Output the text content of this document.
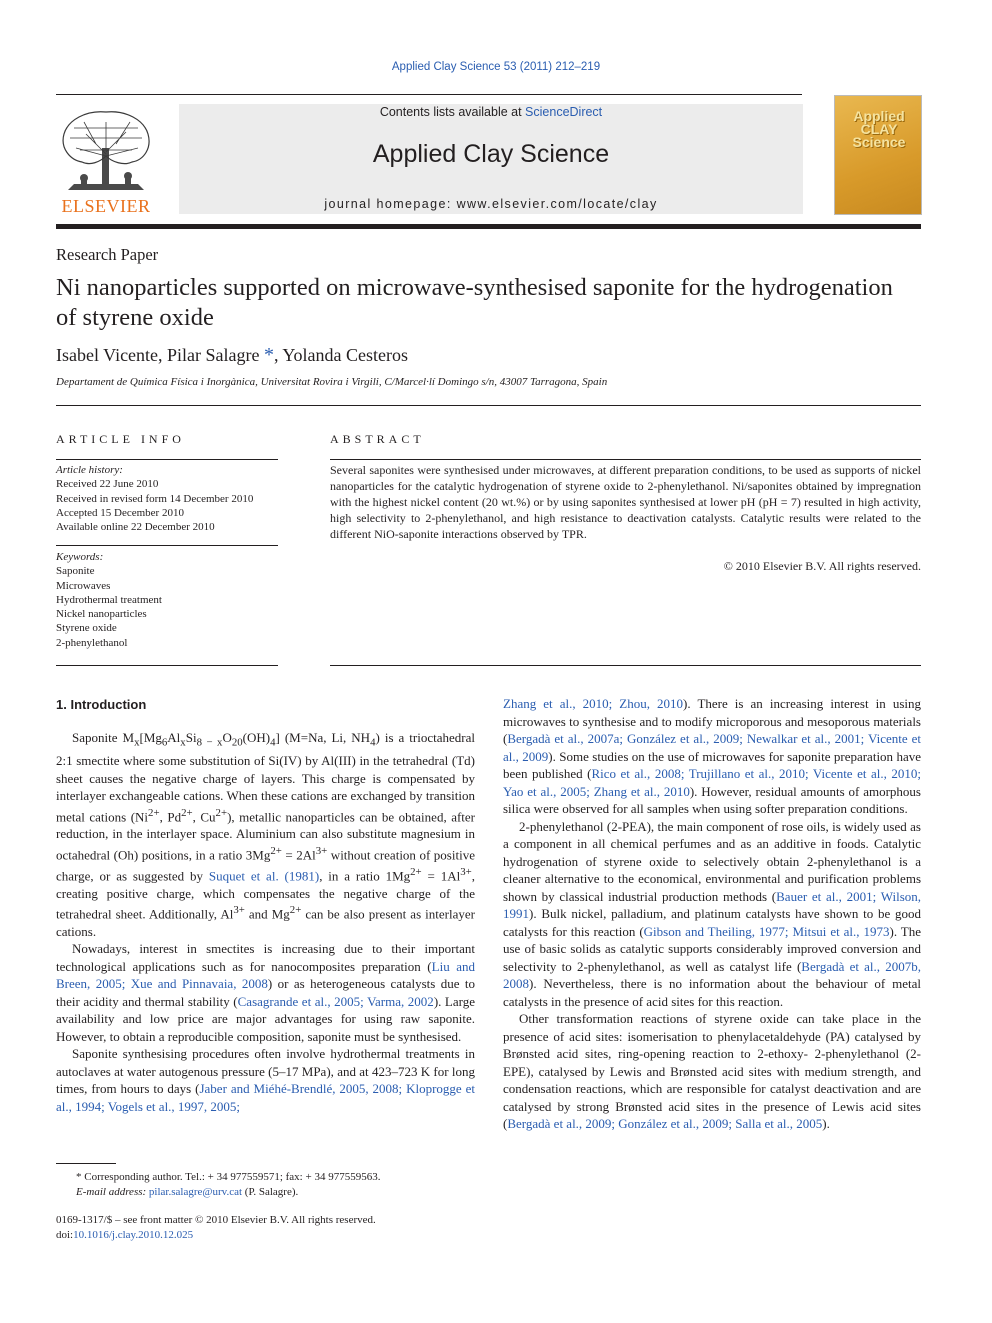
Applied Clay Science 53 (2011) 212–219
ELSEVIER
Contents lists available at ScienceDirect
Applied Clay Science
journal homepage: www.elsevier.com/locate/clay
Applied CLAY Science
Research Paper
Ni nanoparticles supported on microwave-synthesised saponite for the hydrogenation of styrene oxide
Isabel Vicente, Pilar Salagre *, Yolanda Cesteros
Departament de Química Física i Inorgànica, Universitat Rovira i Virgili, C/Marcel·lí Domingo s/n, 43007 Tarragona, Spain
ARTICLE INFO	ABSTRACT
Article history:
Received 22 June 2010
Received in revised form 14 December 2010
Accepted 15 December 2010
Available online 22 December 2010
Keywords:
Saponite
Microwaves
Hydrothermal treatment
Nickel nanoparticles
Styrene oxide
2-phenylethanol
Several saponites were synthesised under microwaves, at different preparation conditions, to be used as supports of nickel nanoparticles for the catalytic hydrogenation of styrene oxide to 2-phenylethanol. Ni/saponites obtained by impregnation with the highest nickel content (20 wt.%) or by using saponites synthesised at lower pH (pH = 7) resulted in high activity, high selectivity to 2-phenylethanol, and high resistance to deactivation catalysts. Catalytic results were related to the different NiO-saponite interactions observed by TPR.
© 2010 Elsevier B.V. All rights reserved.
1. Introduction

Saponite $M_x[Mg_6Al_xSi_{8 - x}O_{20}(OH)_4]$ (M=Na, Li, $NH_4$) is a trioctahedral 2:1 smectite where some substitution of Si(IV) by Al(III) in the tetrahedral (Td) sheet causes the negative charge of layers. This charge is compensated by interlayer exchangeable cations. When these cations are exchanged by transition metal cations ($Ni^{2+}$, $Pd^{2+}$, $Cu^{2+}$), metallic nanoparticles can be obtained, after reduction, in the interlayer space. Aluminium can also substitute magnesium in octahedral (Oh) positions, in a ratio $3Mg^{2+} = 2Al^{3+}$ without creation of positive charge, or as suggested by Suquet et al. (1981), in a ratio $1Mg^{2+} = 1Al^{3+}$, creating positive charge, which compensates the negative charge of the tetrahedral sheet. Additionally, $Al^{3+}$ and $Mg^{2+}$ can be also present as interlayer cations.

Nowadays, interest in smectites is increasing due to their important technological applications such as for nanocomposites preparation (Liu and Breen, 2005; Xue and Pinnavaia, 2008) or as heterogeneous catalysts due to their acidity and thermal stability (Casagrande et al., 2005; Varma, 2002). Large availability and low price are major advantages for using raw saponite. However, to obtain a reproducible composition, saponite must be synthesised.

Saponite synthesising procedures often involve hydrothermal treatments in autoclaves at water autogenous pressure (5–17 MPa), and at 423–723 K for long times, from hours to days (Jaber and Miéhé-Brendlé, 2005, 2008; Kloprogge et al., 1994; Vogels et al., 1997, 2005;

Zhang et al., 2010; Zhou, 2010). There is an increasing interest in using microwaves to synthesise and to modify microporous and mesoporous materials (Bergadà et al., 2007a; González et al., 2009; Newalkar et al., 2001; Vicente et al., 2009). Some studies on the use of microwaves for saponite preparation have been published (Rico et al., 2008; Trujillano et al., 2010; Vicente et al., 2010; Yao et al., 2005; Zhang et al., 2010). However, residual amounts of amorphous silica were observed for all samples when using softer preparation conditions.

2-phenylethanol (2-PEA), the main component of rose oils, is widely used as a component in all chemical perfumes and as an additive in foods. Catalytic hydrogenation of styrene oxide to selectively obtain 2-phenylethanol is a cleaner alternative to the economical, environmental and purification problems shown by classical industrial production methods (Bauer et al., 2001; Wilson, 1991). Bulk nickel, palladium, and platinum catalysts have shown to be good catalysts for this reaction (Gibson and Theiling, 1977; Mitsui et al., 1973). The use of basic solids as catalytic supports considerably improved conversion and selectivity to 2-phenylethanol, as well as catalyst life (Bergadà et al., 2007b, 2008). Nevertheless, there is no information about the behaviour of metal catalysts in the presence of acid sites for this reaction.

Other transformation reactions of styrene oxide can take place in the presence of acid sites: isomerisation to phenylacetaldehyde (PA) catalysed by Brønsted acid sites, ring-opening reaction to 2-ethoxy- 2-phenylethanol (2-EPE), catalysed by Lewis and Brønsted acid sites with medium strength, and condensation reactions, which are responsible for catalyst deactivation and are catalysed by strong Brønsted acid sites in the presence of Lewis acid sites (Bergadà et al., 2009; González et al., 2009; Salla et al., 2005).

* Corresponding author. Tel.: + 34 977559571; fax: + 34 977559563.
E-mail address: pilar.salagre@urv.cat (P. Salagre).
0169-1317/$ – see front matter © 2010 Elsevier B.V. All rights reserved.
doi:10.1016/j.clay.2010.12.025
